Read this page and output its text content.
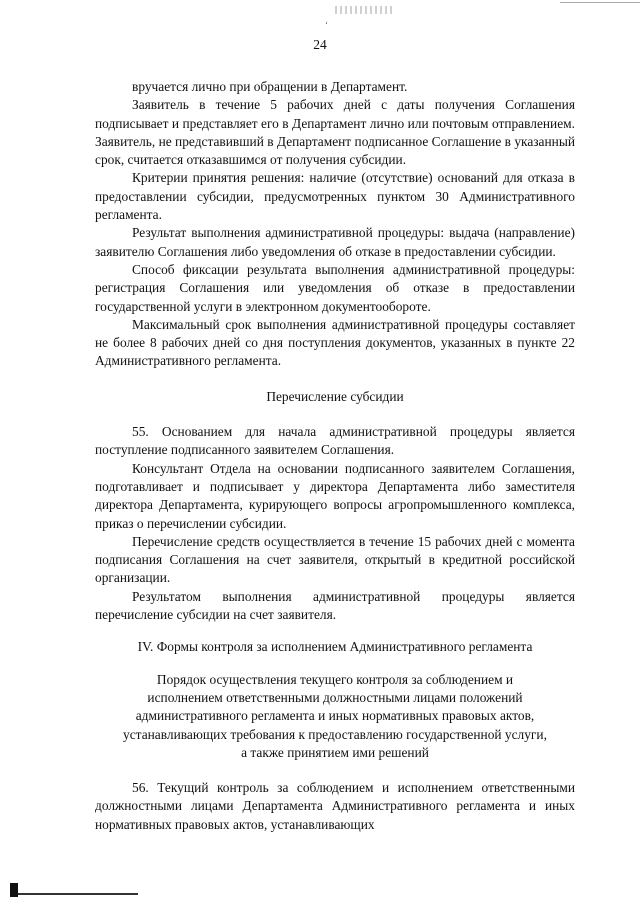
‘
24

вручается лично при обращении в Департамент.

Заявитель в течение 5 рабочих дней с даты получения Соглашения подписывает и представляет его в Департамент лично или почтовым отправлением. Заявитель, не представивший в Департамент подписанное Соглашение в указанный срок, считается отказавшимся от получения субсидии.

Критерии принятия решения: наличие (отсутствие) оснований для отказа в предоставлении субсидии, предусмотренных пунктом 30 Административного регламента.

Результат выполнения административной процедуры: выдача (направление) заявителю Соглашения либо уведомления об отказе в предоставлении субсидии.

Способ фиксации результата выполнения административной процедуры: регистрация Соглашения или уведомления об отказе в предоставлении государственной услуги в электронном документообороте.

Максимальный срок выполнения административной процедуры составляет не более 8 рабочих дней со дня поступления документов, указанных в пункте 22 Административного регламента.

Перечисление субсидии

55. Основанием для начала административной процедуры является поступление подписанного заявителем Соглашения.

Консультант Отдела на основании подписанного заявителем Соглашения, подготавливает и подписывает у директора Департамента либо заместителя директора Департамента, курирующего вопросы агропромышленного комплекса, приказ о перечислении субсидии.

Перечисление средств осуществляется в течение 15 рабочих дней с момента подписания Соглашения на счет заявителя, открытый в кредитной российской организации.

Результатом выполнения административной процедуры является перечисление субсидии на счет заявителя.

IV. Формы контроля за исполнением Административного регламента

Порядок осуществления текущего контроля за соблюдением и

исполнением ответственными должностными лицами положений

административного регламента и иных нормативных правовых актов,

устанавливающих требования к предоставлению государственной услуги,

а также принятием ими решений

56. Текущий контроль за соблюдением и исполнением ответственными должностными лицами Департамента Административного регламента и иных нормативных правовых актов, устанавливающих
